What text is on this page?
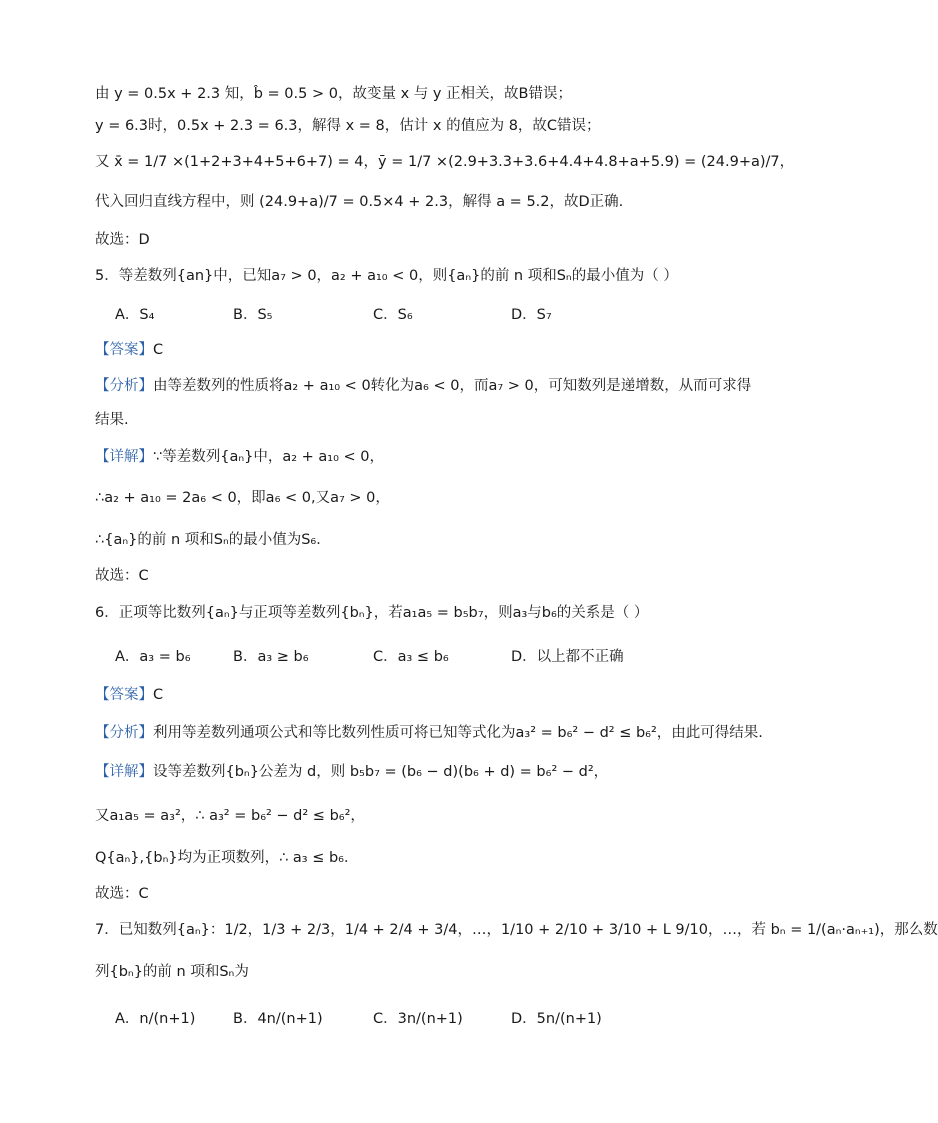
由 y = 0.5x + 2.3 知，b̂ = 0.5 > 0，故变量 x 与 y 正相关，故B错误；
y = 6.3时，0.5x + 2.3 = 6.3，解得 x = 8，估计 x 的值应为 8，故C错误；
又 x̄ = 1/7 ×(1+2+3+4+5+6+7) = 4，ȳ = 1/7 ×(2.9+3.3+3.6+4.4+4.8+a+5.9) = (24.9+a)/7，
代入回归直线方程中，则 (24.9+a)/7 = 0.5×4 + 2.3，解得 a = 5.2，故D正确.
故选：D
5．等差数列{an}中，已知a₇ > 0，a₂ + a₁₀ < 0，则{aₙ}的前 n 项和Sₙ的最小值为（ ）
A．S₄	B．S₅	C．S₆	D．S₇
【答案】C
【分析】由等差数列的性质将a₂ + a₁₀ < 0转化为a₆ < 0，而a₇ > 0，可知数列是递增数，从而可求得
结果.
【详解】∵等差数列{aₙ}中，a₂ + a₁₀ < 0，
∴a₂ + a₁₀ = 2a₆ < 0，即a₆ < 0,又a₇ > 0，
∴{aₙ}的前 n 项和Sₙ的最小值为S₆．
故选：C
6．正项等比数列{aₙ}与正项等差数列{bₙ}，若a₁a₅ = b₅b₇，则a₃与b₆的关系是（ ）
A．a₃ = b₆	B．a₃ ≥ b₆	C．a₃ ≤ b₆	D．以上都不正确
【答案】C
【分析】利用等差数列通项公式和等比数列性质可将已知等式化为a₃² = b₆² − d² ≤ b₆²，由此可得结果.
【详解】设等差数列{bₙ}公差为 d，则 b₅b₇ = (b₆ − d)(b₆ + d) = b₆² − d²，
又a₁a₅ = a₃²，∴ a₃² = b₆² − d² ≤ b₆²，
Q{aₙ},{bₙ}均为正项数列，∴ a₃ ≤ b₆．
故选：C
7．已知数列{aₙ}：1/2，1/3 + 2/3，1/4 + 2/4 + 3/4，…，1/10 + 2/10 + 3/10 + L 9/10，…，若 bₙ = 1/(aₙ·aₙ₊₁)，那么数
列{bₙ}的前 n 项和Sₙ为
A．n/(n+1)	B．4n/(n+1)	C．3n/(n+1)	D．5n/(n+1)
